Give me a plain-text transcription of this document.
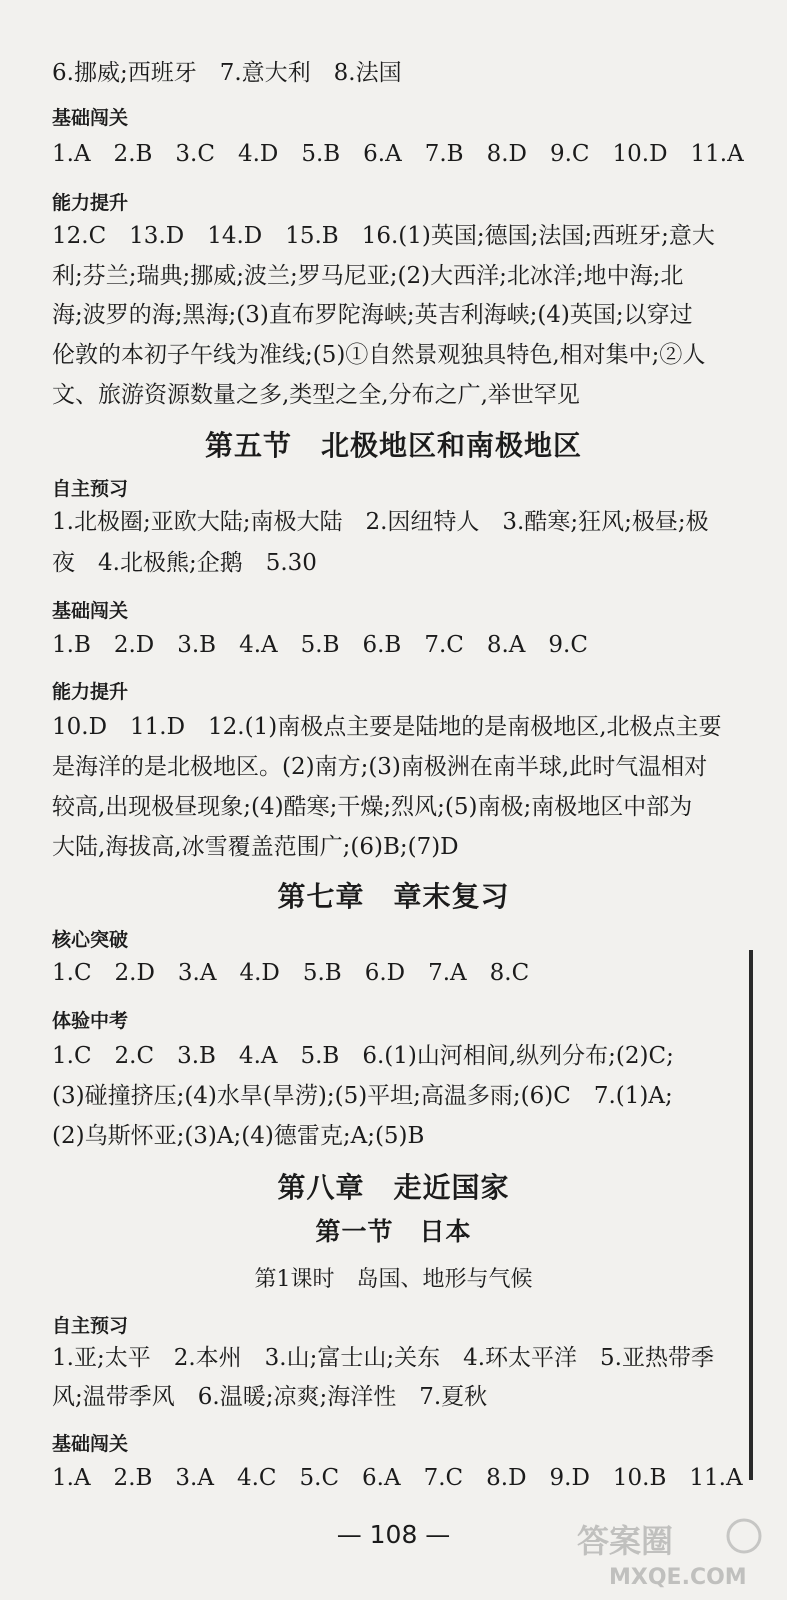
6.挪威;西班牙　7.意大利　8.法国
基础闯关
1.A　2.B　3.C　4.D　5.B　6.A　7.B　8.D　9.C　10.D　11.A
能力提升
12.C　13.D　14.D　15.B　16.(1)英国;德国;法国;西班牙;意大
利;芬兰;瑞典;挪威;波兰;罗马尼亚;(2)大西洋;北冰洋;地中海;北
海;波罗的海;黑海;(3)直布罗陀海峡;英吉利海峡;(4)英国;以穿过
伦敦的本初子午线为准线;(5)①自然景观独具特色,相对集中;②人
文、旅游资源数量之多,类型之全,分布之广,举世罕见
第五节　北极地区和南极地区
自主预习
1.北极圈;亚欧大陆;南极大陆　2.因纽特人　3.酷寒;狂风;极昼;极
夜　4.北极熊;企鹅　5.30
基础闯关
1.B　2.D　3.B　4.A　5.B　6.B　7.C　8.A　9.C
能力提升
10.D　11.D　12.(1)南极点主要是陆地的是南极地区,北极点主要
是海洋的是北极地区。(2)南方;(3)南极洲在南半球,此时气温相对
较高,出现极昼现象;(4)酷寒;干燥;烈风;(5)南极;南极地区中部为
大陆,海拔高,冰雪覆盖范围广;(6)B;(7)D
第七章　章末复习
核心突破
1.C　2.D　3.A　4.D　5.B　6.D　7.A　8.C
体验中考
1.C　2.C　3.B　4.A　5.B　6.(1)山河相间,纵列分布;(2)C;
(3)碰撞挤压;(4)水旱(旱涝);(5)平坦;高温多雨;(6)C　7.(1)A;
(2)乌斯怀亚;(3)A;(4)德雷克;A;(5)B
第八章　走近国家
第一节　日本
第1课时　岛国、地形与气候
自主预习
1.亚;太平　2.本州　3.山;富士山;关东　4.环太平洋　5.亚热带季
风;温带季风　6.温暖;凉爽;海洋性　7.夏秋
基础闯关
1.A　2.B　3.A　4.C　5.C　6.A　7.C　8.D　9.D　10.B　11.A
— 108 —	答案圈
MXQE.COM
